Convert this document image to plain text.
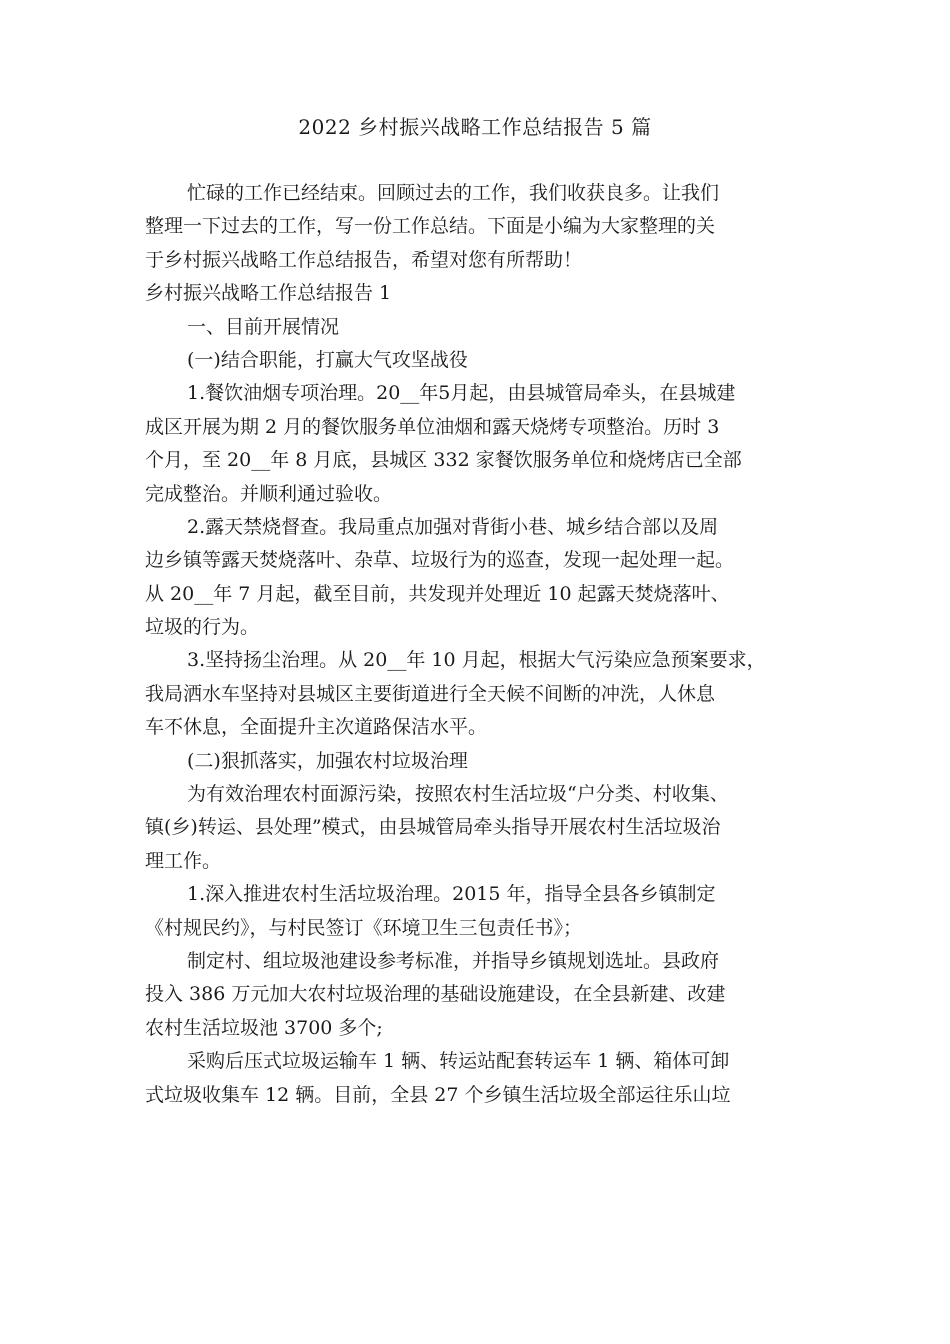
2022 乡村振兴战略工作总结报告 5 篇
忙碌的工作已经结束。回顾过去的工作，我们收获良多。让我们
整理一下过去的工作，写一份工作总结。下面是小编为大家整理的关
于乡村振兴战略工作总结报告，希望对您有所帮助！
乡村振兴战略工作总结报告 1
一、目前开展情况
(一)结合职能，打赢大气攻坚战役
1.餐饮油烟专项治理。20__年5月起，由县城管局牵头，在县城建
成区开展为期 2 月的餐饮服务单位油烟和露天烧烤专项整治。历时 3
个月，至 20__年 8 月底，县城区 332 家餐饮服务单位和烧烤店已全部
完成整治。并顺利通过验收。
2.露天禁烧督查。我局重点加强对背街小巷、城乡结合部以及周
边乡镇等露天焚烧落叶、杂草、垃圾行为的巡查，发现一起处理一起。
从 20__年 7 月起，截至目前，共发现并处理近 10 起露天焚烧落叶、
垃圾的行为。
3.坚持扬尘治理。从 20__年 10 月起，根据大气污染应急预案要求，
我局洒水车坚持对县城区主要街道进行全天候不间断的冲洗，人休息
车不休息，全面提升主次道路保洁水平。
(二)狠抓落实，加强农村垃圾治理
为有效治理农村面源污染，按照农村生活垃圾“户分类、村收集、
镇(乡)转运、县处理”模式，由县城管局牵头指导开展农村生活垃圾治
理工作。
1.深入推进农村生活垃圾治理。2015 年，指导全县各乡镇制定
《村规民约》，与村民签订《环境卫生三包责任书》；
制定村、组垃圾池建设参考标准，并指导乡镇规划选址。县政府
投入 386 万元加大农村垃圾治理的基础设施建设，在全县新建、改建
农村生活垃圾池 3700 多个;
采购后压式垃圾运输车 1 辆、转运站配套转运车 1 辆、箱体可卸
式垃圾收集车 12 辆。目前，全县 27 个乡镇生活垃圾全部运往乐山垃
